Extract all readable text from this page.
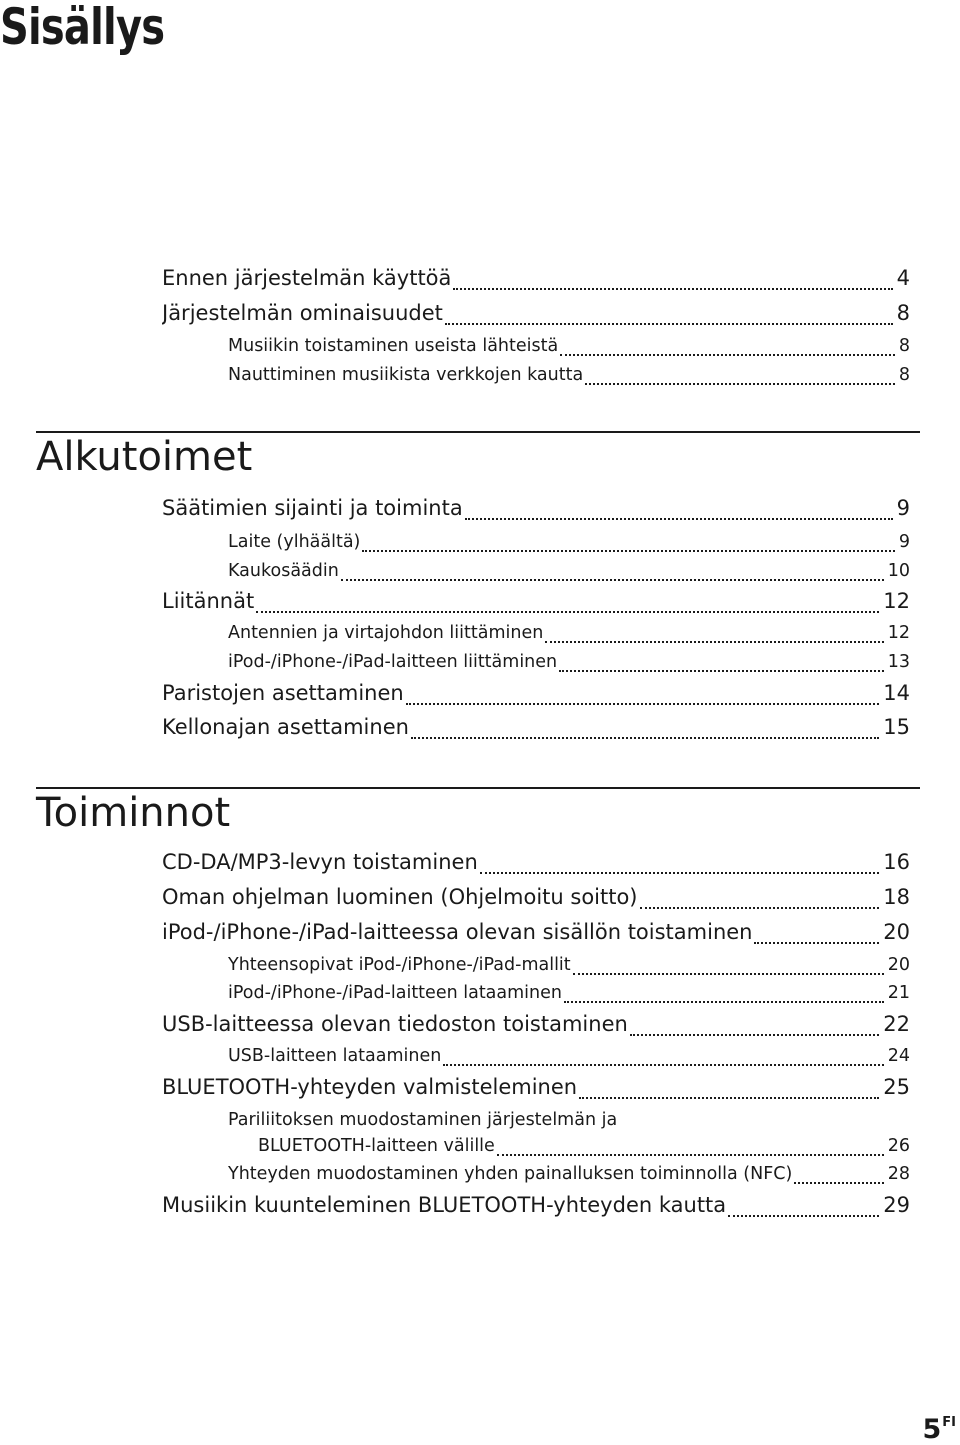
Sisällys
Ennen järjestelmän käyttöä	4
Järjestelmän ominaisuudet	8
Musiikin toistaminen useista lähteistä	8
Nauttiminen musiikista verkkojen kautta	8
Alkutoimet
Säätimien sijainti ja toiminta	9
Laite (ylhäältä)	9
Kaukosäädin	10
Liitännät	12
Antennien ja virtajohdon liittäminen	12
iPod-/iPhone-/iPad-laitteen liittäminen	13
Paristojen asettaminen	14
Kellonajan asettaminen	15
Toiminnot
CD-DA/MP3-levyn toistaminen	16
Oman ohjelman luominen (Ohjelmoitu soitto)	18
iPod-/iPhone-/iPad-laitteessa olevan sisällön toistaminen	20
Yhteensopivat iPod-/iPhone-/iPad-mallit	20
iPod-/iPhone-/iPad-laitteen lataaminen	21
USB-laitteessa olevan tiedoston toistaminen	22
USB-laitteen lataaminen	24
BLUETOOTH-yhteyden valmisteleminen	25
Pariliitoksen muodostaminen järjestelmän ja
BLUETOOTH-laitteen välille	26
Yhteyden muodostaminen yhden painalluksen toiminnolla (NFC)	28
Musiikin kuunteleminen BLUETOOTH-yhteyden kautta	29
$5^{FI}$
